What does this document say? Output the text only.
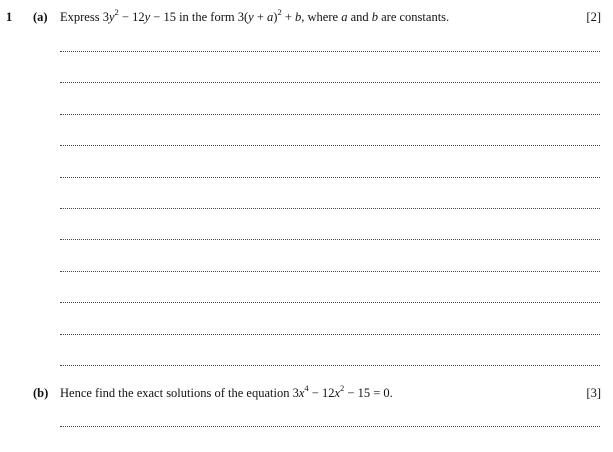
1 (a) Express $3y^2 - 12y - 15$ in the form $3(y + a)^2 + b$, where a and b are constants.	[2]
(b) Hence find the exact solutions of the equation $3x^4 - 12x^2 - 15 = 0$.	[3]
